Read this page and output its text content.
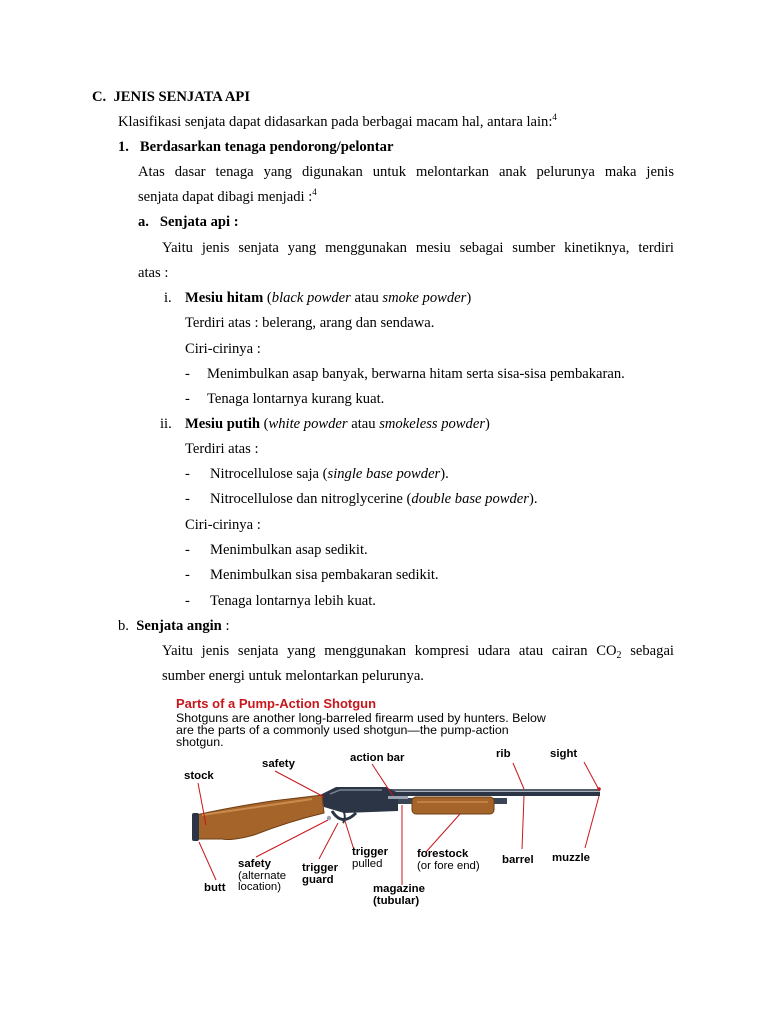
C. JENIS SENJATA API
Klasifikasi senjata dapat didasarkan pada berbagai macam hal, antara lain:$^4$
1. Berdasarkan tenaga pendorong/pelontar
Atas dasar tenaga yang digunakan untuk melontarkan anak pelurunya maka jenis
senjata dapat dibagi menjadi :$^4$
a. Senjata api :
Yaitu jenis senjata yang menggunakan mesiu sebagai sumber kinetiknya, terdiri
atas :
i. Mesiu hitam (black powder atau smoke powder)
Terdiri atas : belerang, arang dan sendawa.
Ciri-cirinya :
- Menimbulkan asap banyak, berwarna hitam serta sisa-sisa pembakaran.
- Tenaga lontarnya kurang kuat.
ii. Mesiu putih (white powder atau smokeless powder)
Terdiri atas :
- Nitrocellulose saja (single base powder).
- Nitrocellulose dan nitroglycerine (double base powder).
Ciri-cirinya :
- Menimbulkan asap sedikit.
- Menimbulkan sisa pembakaran sedikit.
- Tenaga lontarnya lebih kuat.
b. Senjata angin :
Yaitu jenis senjata yang menggunakan kompresi udara atau cairan $CO_2$ sebagai
sumber energi untuk melontarkan pelurunya.
Parts of a Pump-Action Shotgun
Shotguns are another long-barreled firearm used by hunters. Below
are the parts of a commonly used shotgun—the pump-action
shotgun.
stock
safety	action bar	rib	sight
butt
safety
(alternate
location)
trigger
guard
trigger
pulled
magazine
(tubular)
forestock
(or fore end) barrel muzzle
